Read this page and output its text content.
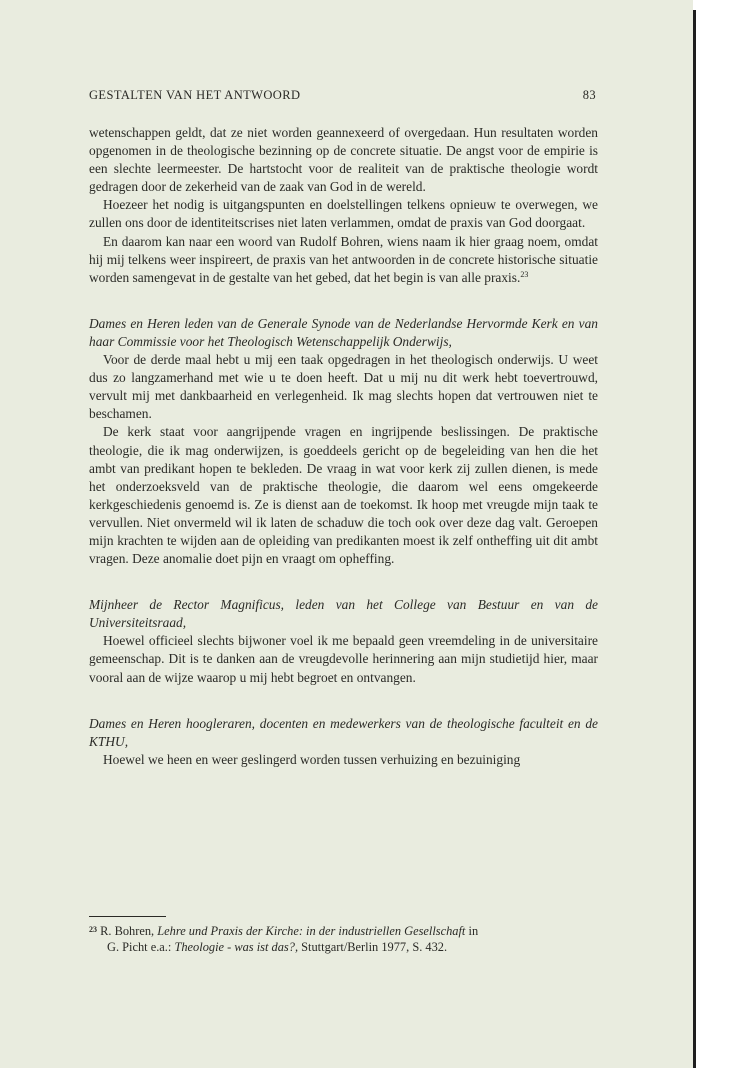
GESTALTEN VAN HET ANTWOORD	83

wetenschappen geldt, dat ze niet worden geannexeerd of overgedaan. Hun resultaten worden opgenomen in de theologische bezinning op de concrete situatie. De angst voor de empirie is een slechte leermeester. De hartstocht voor de realiteit van de praktische theologie wordt gedragen door de zekerheid van de zaak van God in de wereld.

Hoezeer het nodig is uitgangspunten en doelstellingen telkens opnieuw te overwegen, we zullen ons door de identiteitscrises niet laten verlammen, omdat de praxis van God doorgaat.

En daarom kan naar een woord van Rudolf Bohren, wiens naam ik hier graag noem, omdat hij mij telkens weer inspireert, de praxis van het antwoorden in de concrete historische situatie worden samengevat in de gestalte van het gebed, dat het begin is van alle praxis.$^{23}$

Dames en Heren leden van de Generale Synode van de Nederlandse Hervormde Kerk en van haar Commissie voor het Theologisch Wetenschappelijk Onderwijs,

Voor de derde maal hebt u mij een taak opgedragen in het theologisch onderwijs. U weet dus zo langzamerhand met wie u te doen heeft. Dat u mij nu dit werk hebt toevertrouwd, vervult mij met dankbaarheid en verlegenheid. Ik mag slechts hopen dat vertrouwen niet te beschamen.

De kerk staat voor aangrijpende vragen en ingrijpende beslissingen. De praktische theologie, die ik mag onderwijzen, is goeddeels gericht op de begeleiding van hen die het ambt van predikant hopen te bekleden. De vraag in wat voor kerk zij zullen dienen, is mede het onderzoeksveld van de praktische theologie, die daarom wel eens omgekeerde kerkgeschiedenis genoemd is. Ze is dienst aan de toekomst. Ik hoop met vreugde mijn taak te vervullen. Niet onvermeld wil ik laten de schaduw die toch ook over deze dag valt. Geroepen mijn krachten te wijden aan de opleiding van predikanten moest ik zelf ontheffing uit dit ambt vragen. Deze anomalie doet pijn en vraagt om opheffing.

Mijnheer de Rector Magnificus, leden van het College van Bestuur en van de Universiteitsraad,

Hoewel officieel slechts bijwoner voel ik me bepaald geen vreemdeling in de universitaire gemeenschap. Dit is te danken aan de vreugdevolle herinnering aan mijn studietijd hier, maar vooral aan de wijze waarop u mij hebt begroet en ontvangen.

Dames en Heren hoogleraren, docenten en medewerkers van de theologische faculteit en de KTHU,

Hoewel we heen en weer geslingerd worden tussen verhuizing en bezuiniging

$^{23}$ R. Bohren, Lehre und Praxis der Kirche: in der industriellen Gesellschaft in
G. Picht e.a.: Theologie - was ist das?, Stuttgart/Berlin 1977, S. 432.
